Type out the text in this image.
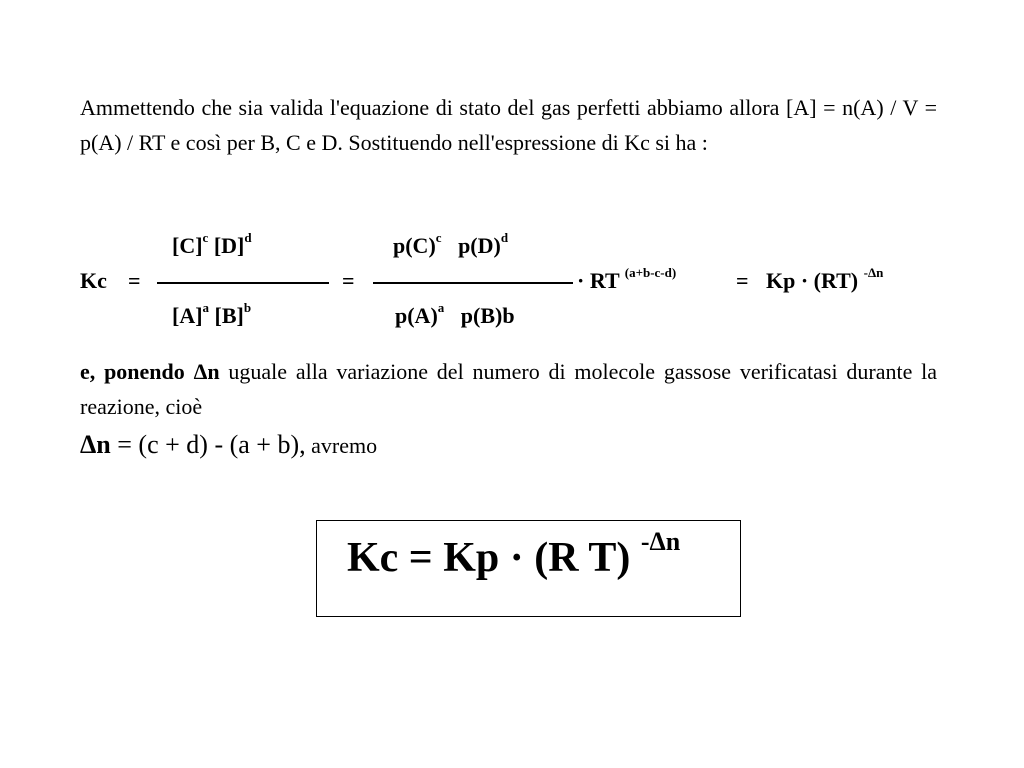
Ammettendo che sia valida l'equazione di stato del gas perfetti abbiamo allora [A] = n(A) / V = p(A) / RT e così per B, C e D. Sostituendo nell'espressione di Kc si ha :
$[C]^c$ $[D]^d$	$p(C)^c$ $p(D)^d$
Kc =	=	· RT $^{(a+b-c-d)}$	= Kp · (RT) $^{-\Delta n}$
$[A]^a$ $[B]^b$	$p(A)^a$ p(B)b
e, ponendo Δn uguale alla variazione del numero di molecole gassose verificatasi durante la reazione, cioè
Δn = (c + d) - (a + b), avremo
Kc = Kp · (R T) $^{-\Delta n}$
